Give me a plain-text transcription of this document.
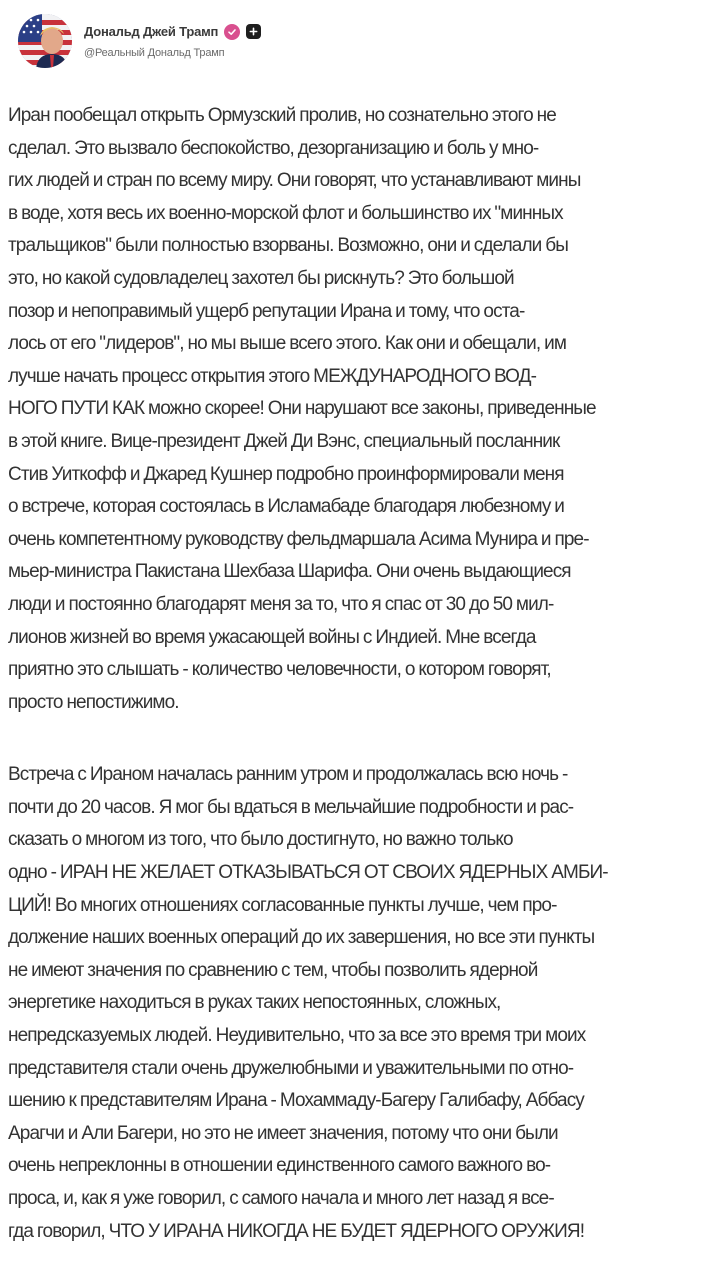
Дональд Джей Трамп
@Реальный Дональд Трамп

Иран пообещал открыть Ормузский пролив, но сознательно этого не
сделал. Это вызвало беспокойство, дезорганизацию и боль у мно-
гих людей и стран по всему миру. Они говорят, что устанавливают мины
в воде, хотя весь их военно-морской флот и большинство их "минных
тральщиков" были полностью взорваны. Возможно, они и сделали бы
это, но какой судовладелец захотел бы рискнуть? Это большой
позор и непоправимый ущерб репутации Ирана и тому, что оста-
лось от его "лидеров", но мы выше всего этого. Как они и обещали, им
лучше начать процесс открытия этого МЕЖДУНАРОДНОГО ВОД-
НОГО ПУТИ КАК можно скорее! Они нарушают все законы, приведенные
в этой книге. Вице-президент Джей Ди Вэнс, специальный посланник
Стив Уиткофф и Джаред Кушнер подробно проинформировали меня
о встрече, которая состоялась в Исламабаде благодаря любезному и
очень компетентному руководству фельдмаршала Асима Мунира и пре-
мьер-министра Пакистана Шехбаза Шарифа. Они очень выдающиеся
люди и постоянно благодарят меня за то, что я спас от 30 до 50 мил-
лионов жизней во время ужасающей войны с Индией. Мне всегда
приятно это слышать - количество человечности, о котором говорят,
просто непостижимо.

Встреча с Ираном началась ранним утром и продолжалась всю ночь -
почти до 20 часов. Я мог бы вдаться в мельчайшие подробности и рас-
сказать о многом из того, что было достигнуто, но важно только
одно - ИРАН НЕ ЖЕЛАЕТ ОТКАЗЫВАТЬСЯ ОТ СВОИХ ЯДЕРНЫХ АМБИ-
ЦИЙ! Во многих отношениях согласованные пункты лучше, чем про-
должение наших военных операций до их завершения, но все эти пункты
не имеют значения по сравнению с тем, чтобы позволить ядерной
энергетике находиться в руках таких непостоянных, сложных,
непредсказуемых людей. Неудивительно, что за все это время три моих
представителя стали очень дружелюбными и уважительными по отно-
шению к представителям Ирана - Мохаммаду-Багеру Галибафу, Аббасу
Арагчи и Али Багери, но это не имеет значения, потому что они были
очень непреклонны в отношении единственного самого важного во-
проса, и, как я уже говорил, с самого начала и много лет назад я все-
гда говорил, ЧТО У ИРАНА НИКОГДА НЕ БУДЕТ ЯДЕРНОГО ОРУЖИЯ!
